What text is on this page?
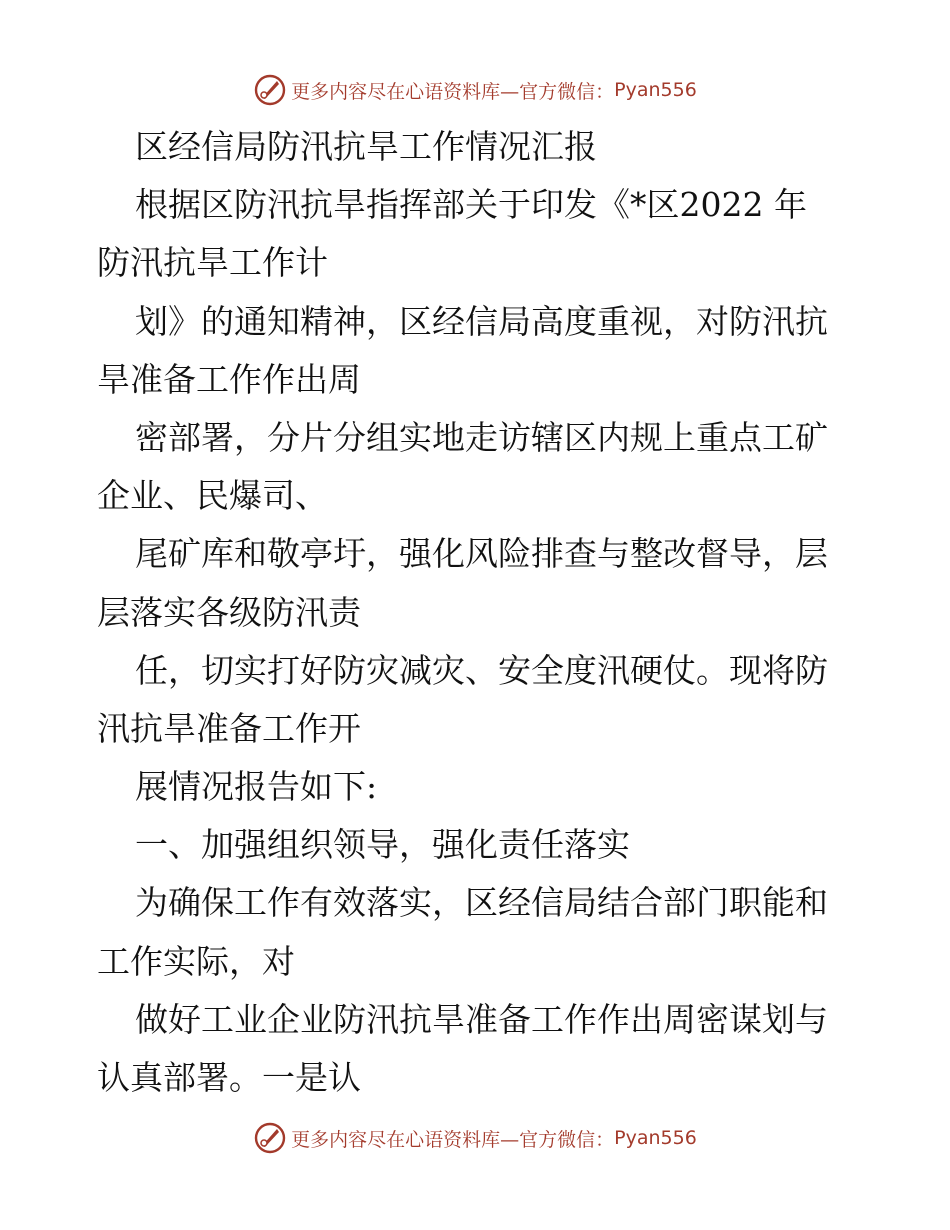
更多内容尽在心语资料库—官方微信： Pyan556
区经信局防汛抗旱工作情况汇报
根据区防汛抗旱指挥部关于印发《*区2022 年
防汛抗旱工作计
划》的通知精神，区经信局高度重视，对防汛抗
旱准备工作作出周
密部署，分片分组实地走访辖区内规上重点工矿
企业、民爆司、
尾矿库和敬亭圩，强化风险排查与整改督导，层
层落实各级防汛责
任，切实打好防灾减灾、安全度汛硬仗。现将防
汛抗旱准备工作开
展情况报告如下:
一、加强组织领导，强化责任落实
为确保工作有效落实，区经信局结合部门职能和
工作实际，对
做好工业企业防汛抗旱准备工作作出周密谋划与
认真部署。一是认
更多内容尽在心语资料库—官方微信： Pyan556
